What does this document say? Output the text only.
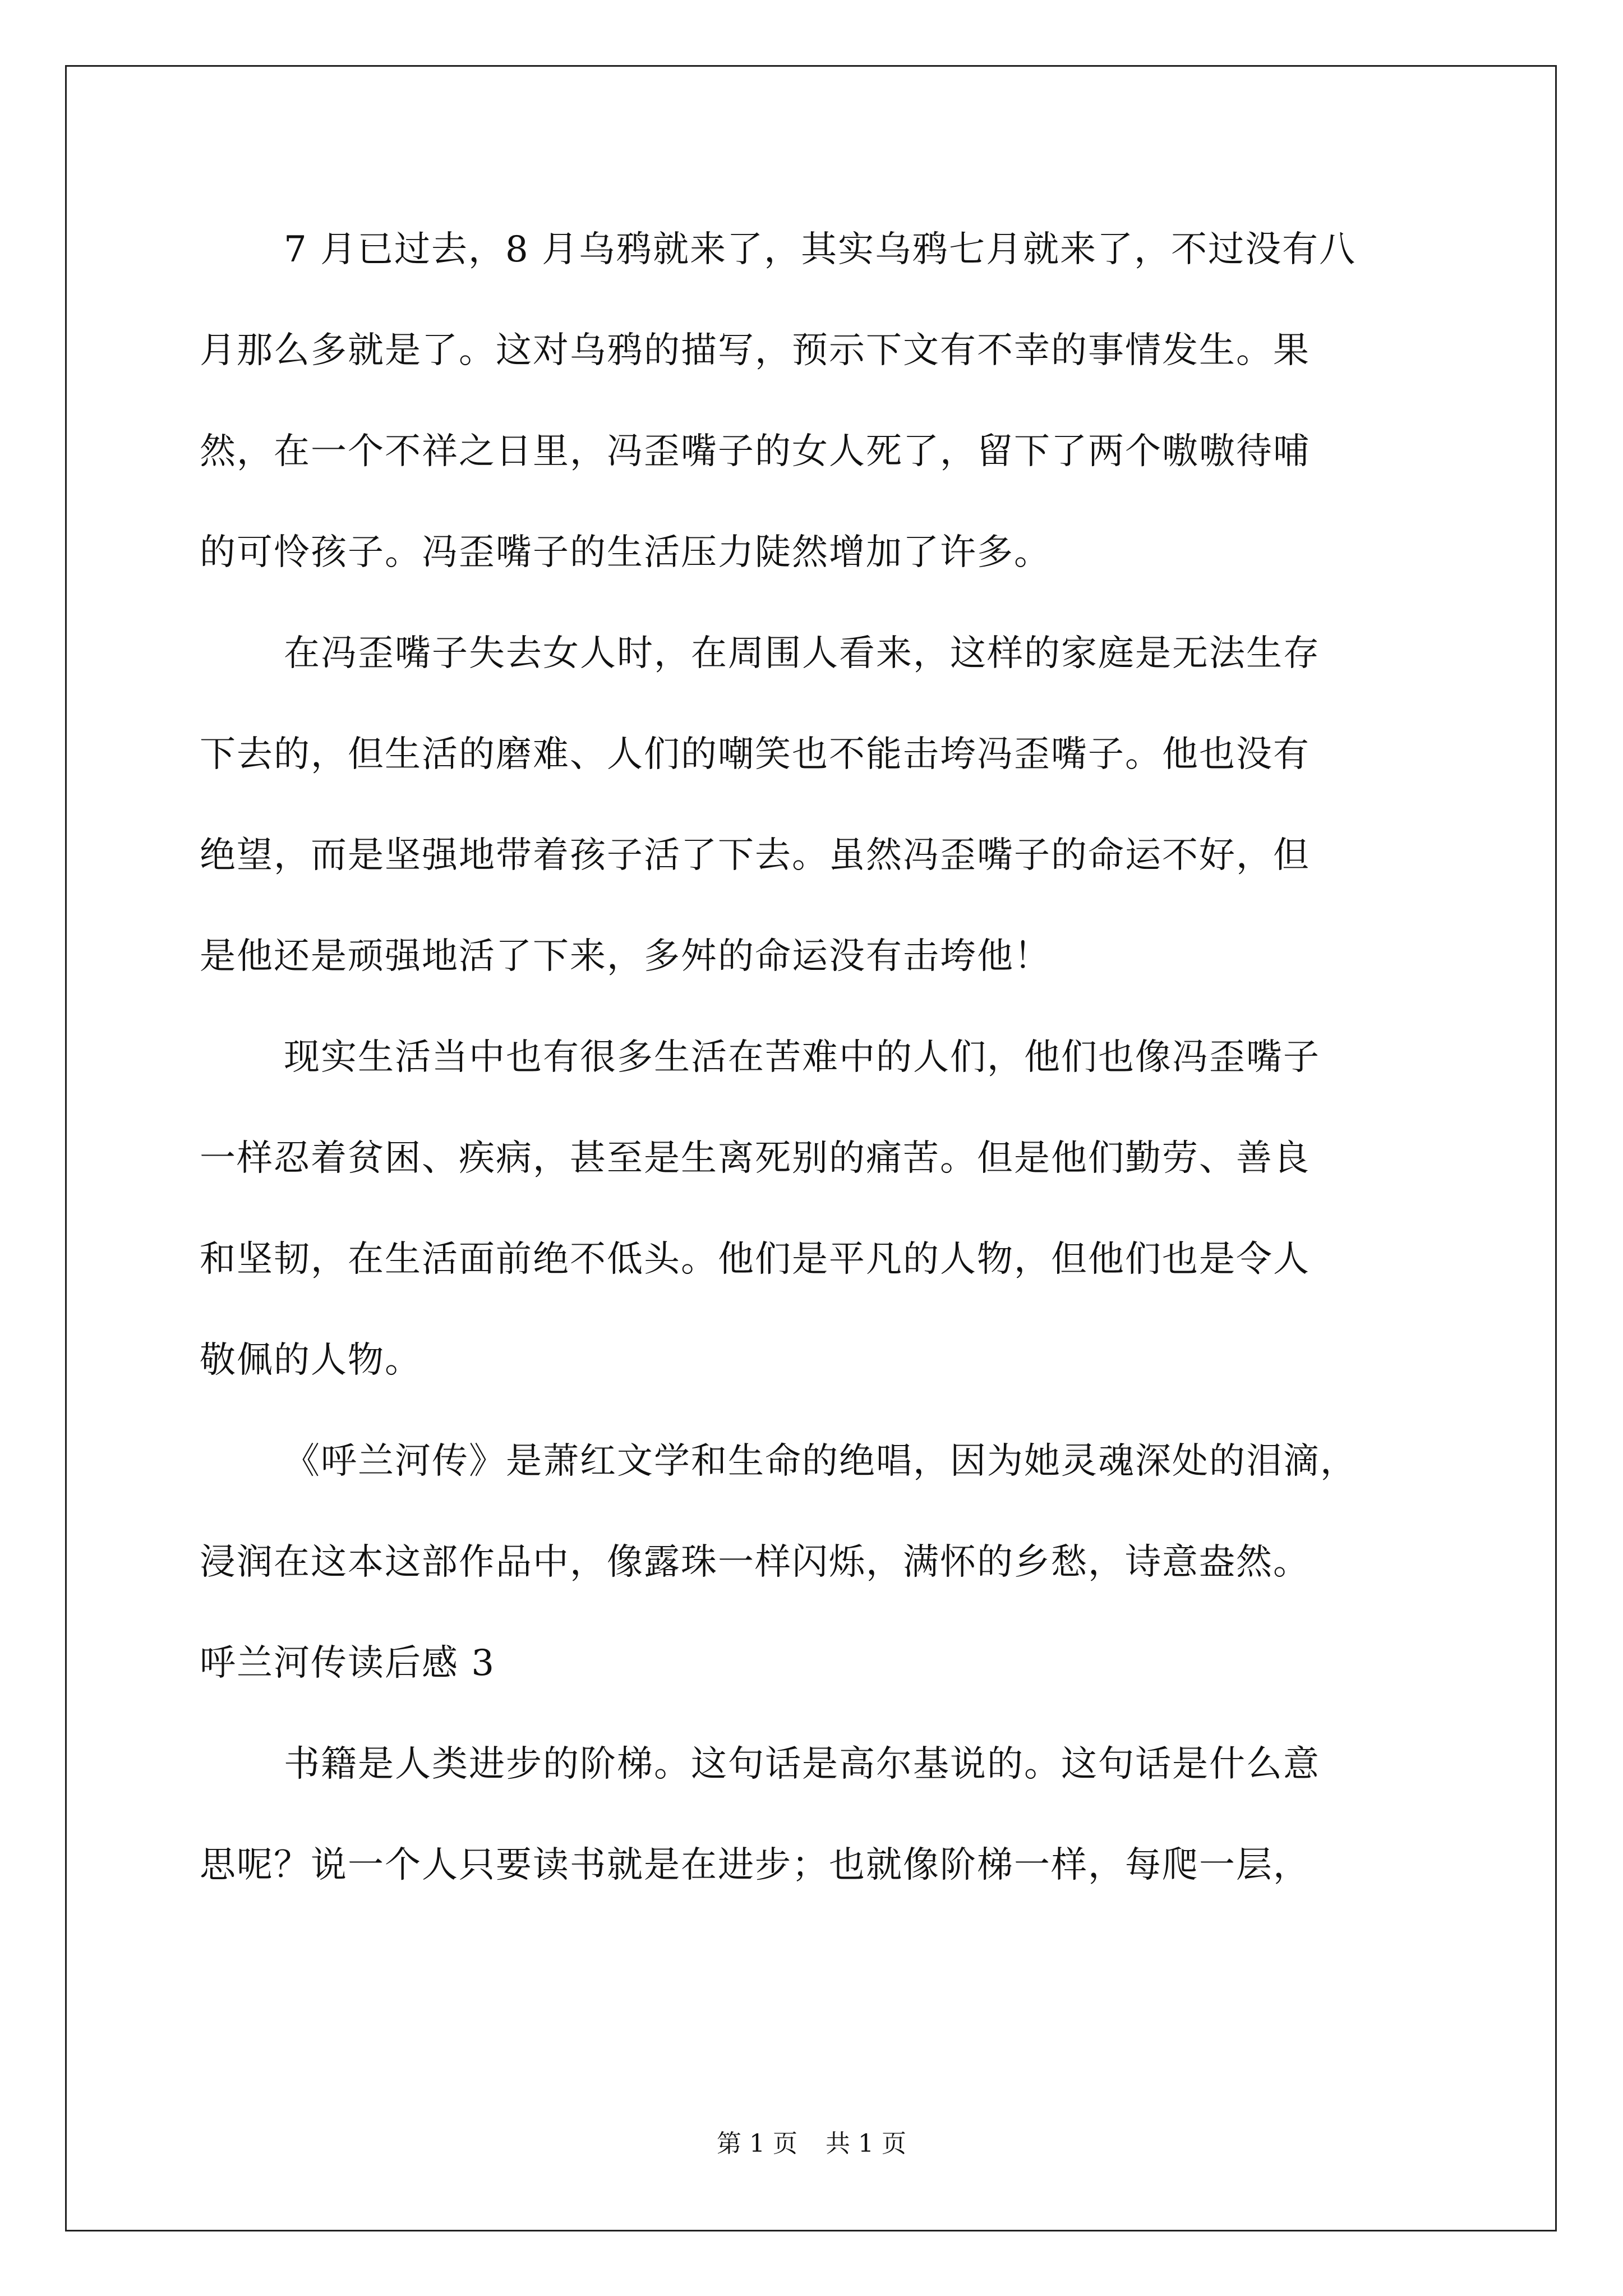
7 月已过去，8 月乌鸦就来了，其实乌鸦七月就来了，不过没有八
月那么多就是了。这对乌鸦的描写，预示下文有不幸的事情发生。果
然，在一个不祥之日里，冯歪嘴子的女人死了，留下了两个嗷嗷待哺
的可怜孩子。冯歪嘴子的生活压力陡然增加了许多。
在冯歪嘴子失去女人时，在周围人看来，这样的家庭是无法生存
下去的，但生活的磨难、人们的嘲笑也不能击垮冯歪嘴子。他也没有
绝望，而是坚强地带着孩子活了下去。虽然冯歪嘴子的命运不好，但
是他还是顽强地活了下来，多舛的命运没有击垮他！
现实生活当中也有很多生活在苦难中的人们，他们也像冯歪嘴子
一样忍着贫困、疾病，甚至是生离死别的痛苦。但是他们勤劳、善良
和坚韧，在生活面前绝不低头。他们是平凡的人物，但他们也是令人
敬佩的人物。
《呼兰河传》是萧红文学和生命的绝唱，因为她灵魂深处的泪滴，
浸润在这本这部作品中，像露珠一样闪烁，满怀的乡愁，诗意盎然。
呼兰河传读后感 3
书籍是人类进步的阶梯。这句话是高尔基说的。这句话是什么意
思呢？说一个人只要读书就是在进步；也就像阶梯一样，每爬一层，
第 1 页 共 1 页
